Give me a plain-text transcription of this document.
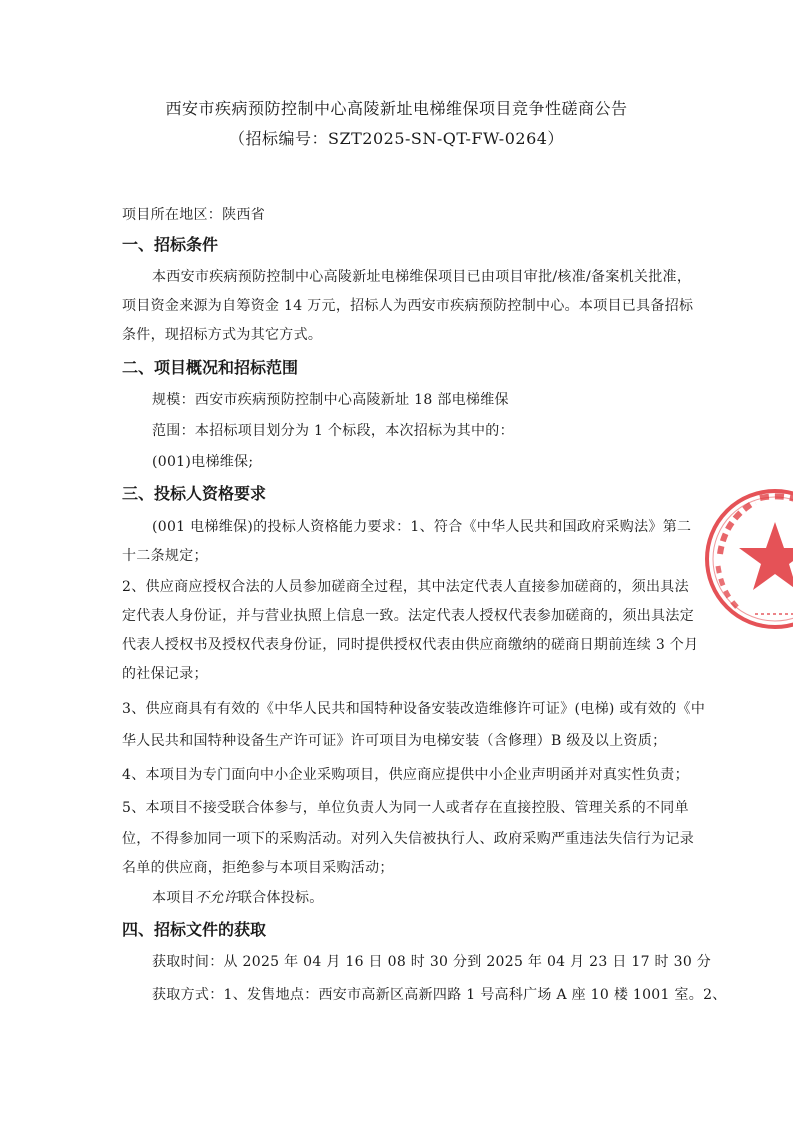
西安市疾病预防控制中心高陵新址电梯维保项目竞争性磋商公告
（招标编号：SZT2025-SN-QT-FW-0264）
项目所在地区：陕西省
一、招标条件
本西安市疾病预防控制中心高陵新址电梯维保项目已由项目审批/核准/备案机关批准，
项目资金来源为自筹资金 14 万元，招标人为西安市疾病预防控制中心。本项目已具备招标
条件，现招标方式为其它方式。
二、项目概况和招标范围
规模：西安市疾病预防控制中心高陵新址 18 部电梯维保
范围：本招标项目划分为 1 个标段，本次招标为其中的：
(001)电梯维保;
三、投标人资格要求
(001 电梯维保)的投标人资格能力要求：1、符合《中华人民共和国政府采购法》第二
十二条规定；
2、供应商应授权合法的人员参加磋商全过程，其中法定代表人直接参加磋商的，须出具法
定代表人身份证，并与营业执照上信息一致。法定代表人授权代表参加磋商的，须出具法定
代表人授权书及授权代表身份证，同时提供授权代表由供应商缴纳的磋商日期前连续 3 个月
的社保记录；
3、供应商具有有效的《中华人民共和国特种设备安装改造维修许可证》(电梯) 或有效的《中
华人民共和国特种设备生产许可证》许可项目为电梯安装（含修理）B 级及以上资质；
4、本项目为专门面向中小企业采购项目，供应商应提供中小企业声明函并对真实性负责；
5、本项目不接受联合体参与，单位负责人为同一人或者存在直接控股、管理关系的不同单
位，不得参加同一项下的采购活动。对列入失信被执行人、政府采购严重违法失信行为记录
名单的供应商，拒绝参与本项目采购活动；
本项目不允许联合体投标。
四、招标文件的获取
获取时间：从 2025 年 04 月 16 日 08 时 30 分到 2025 年 04 月 23 日 17 时 30 分
获取方式：1、发售地点：西安市高新区高新四路 1 号高科广场 A 座 10 楼 1001 室。2、
